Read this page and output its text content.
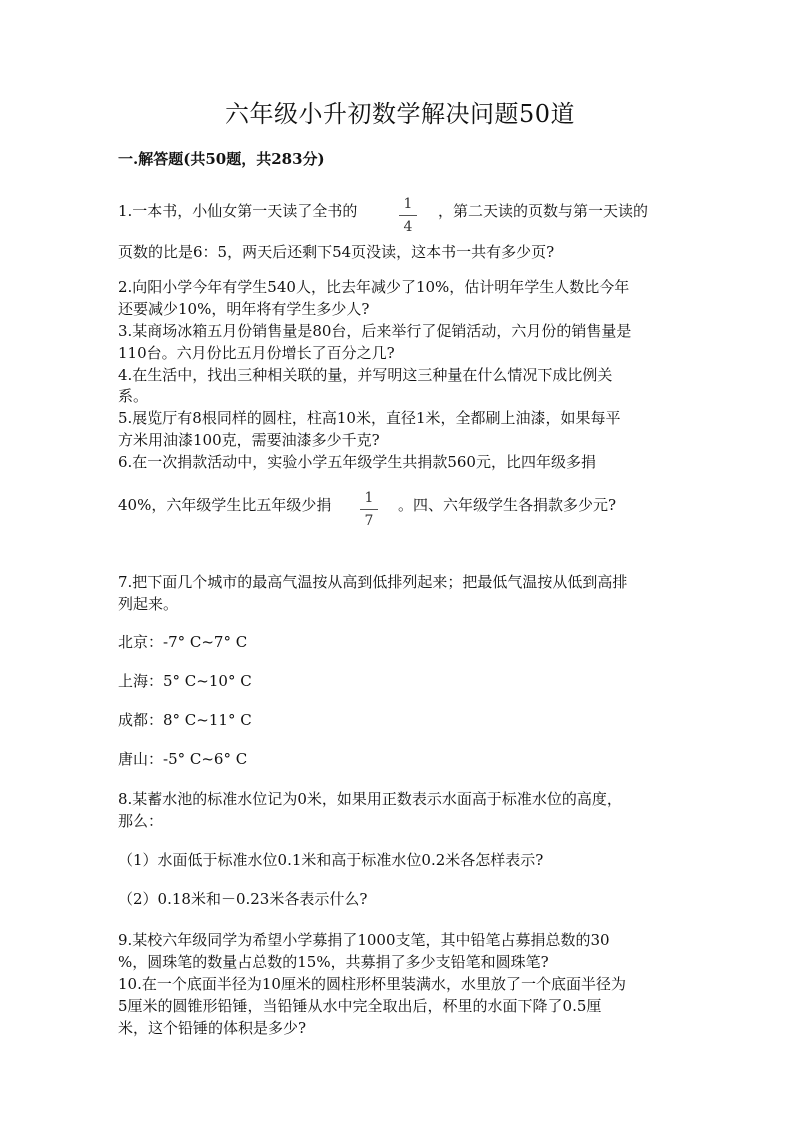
六年级小升初数学解决问题50道
一.解答题(共50题，共283分)
1.一本书，小仙女第一天读了全书的	1
4
，第二天读的页数与第一天读的
页数的比是6：5，两天后还剩下54页没读，这本书一共有多少页?
2.向阳小学今年有学生540人，比去年减少了10%，估计明年学生人数比今年
还要减少10%，明年将有学生多少人?
3.某商场冰箱五月份销售量是80台，后来举行了促销活动，六月份的销售量是
110台。六月份比五月份增长了百分之几?
4.在生活中，找出三种相关联的量，并写明这三种量在什么情况下成比例关
系。
5.展览厅有8根同样的圆柱，柱高10米，直径1米，全都刷上油漆，如果每平
方米用油漆100克，需要油漆多少千克?
6.在一次捐款活动中，实验小学五年级学生共捐款560元，比四年级多捐
40%，六年级学生比五年级少捐	1
7
。四、六年级学生各捐款多少元?
7.把下面几个城市的最高气温按从高到低排列起来；把最低气温按从低到高排
列起来。
北京：-7° C~7° C
上海：5° C~10° C
成都：8° C~11° C
唐山：-5° C~6° C
8.某蓄水池的标准水位记为0米，如果用正数表示水面高于标准水位的高度，
那么：
（1）水面低于标准水位0.1米和高于标准水位0.2米各怎样表示?
（2）0.18米和－0.23米各表示什么?
9.某校六年级同学为希望小学募捐了1000支笔，其中铅笔占募捐总数的30
%，圆珠笔的数量占总数的15%，共募捐了多少支铅笔和圆珠笔?
10.在一个底面半径为10厘米的圆柱形杯里装满水，水里放了一个底面半径为
5厘米的圆锥形铅锤，当铅锤从水中完全取出后，杯里的水面下降了0.5厘
米，这个铅锤的体积是多少?
